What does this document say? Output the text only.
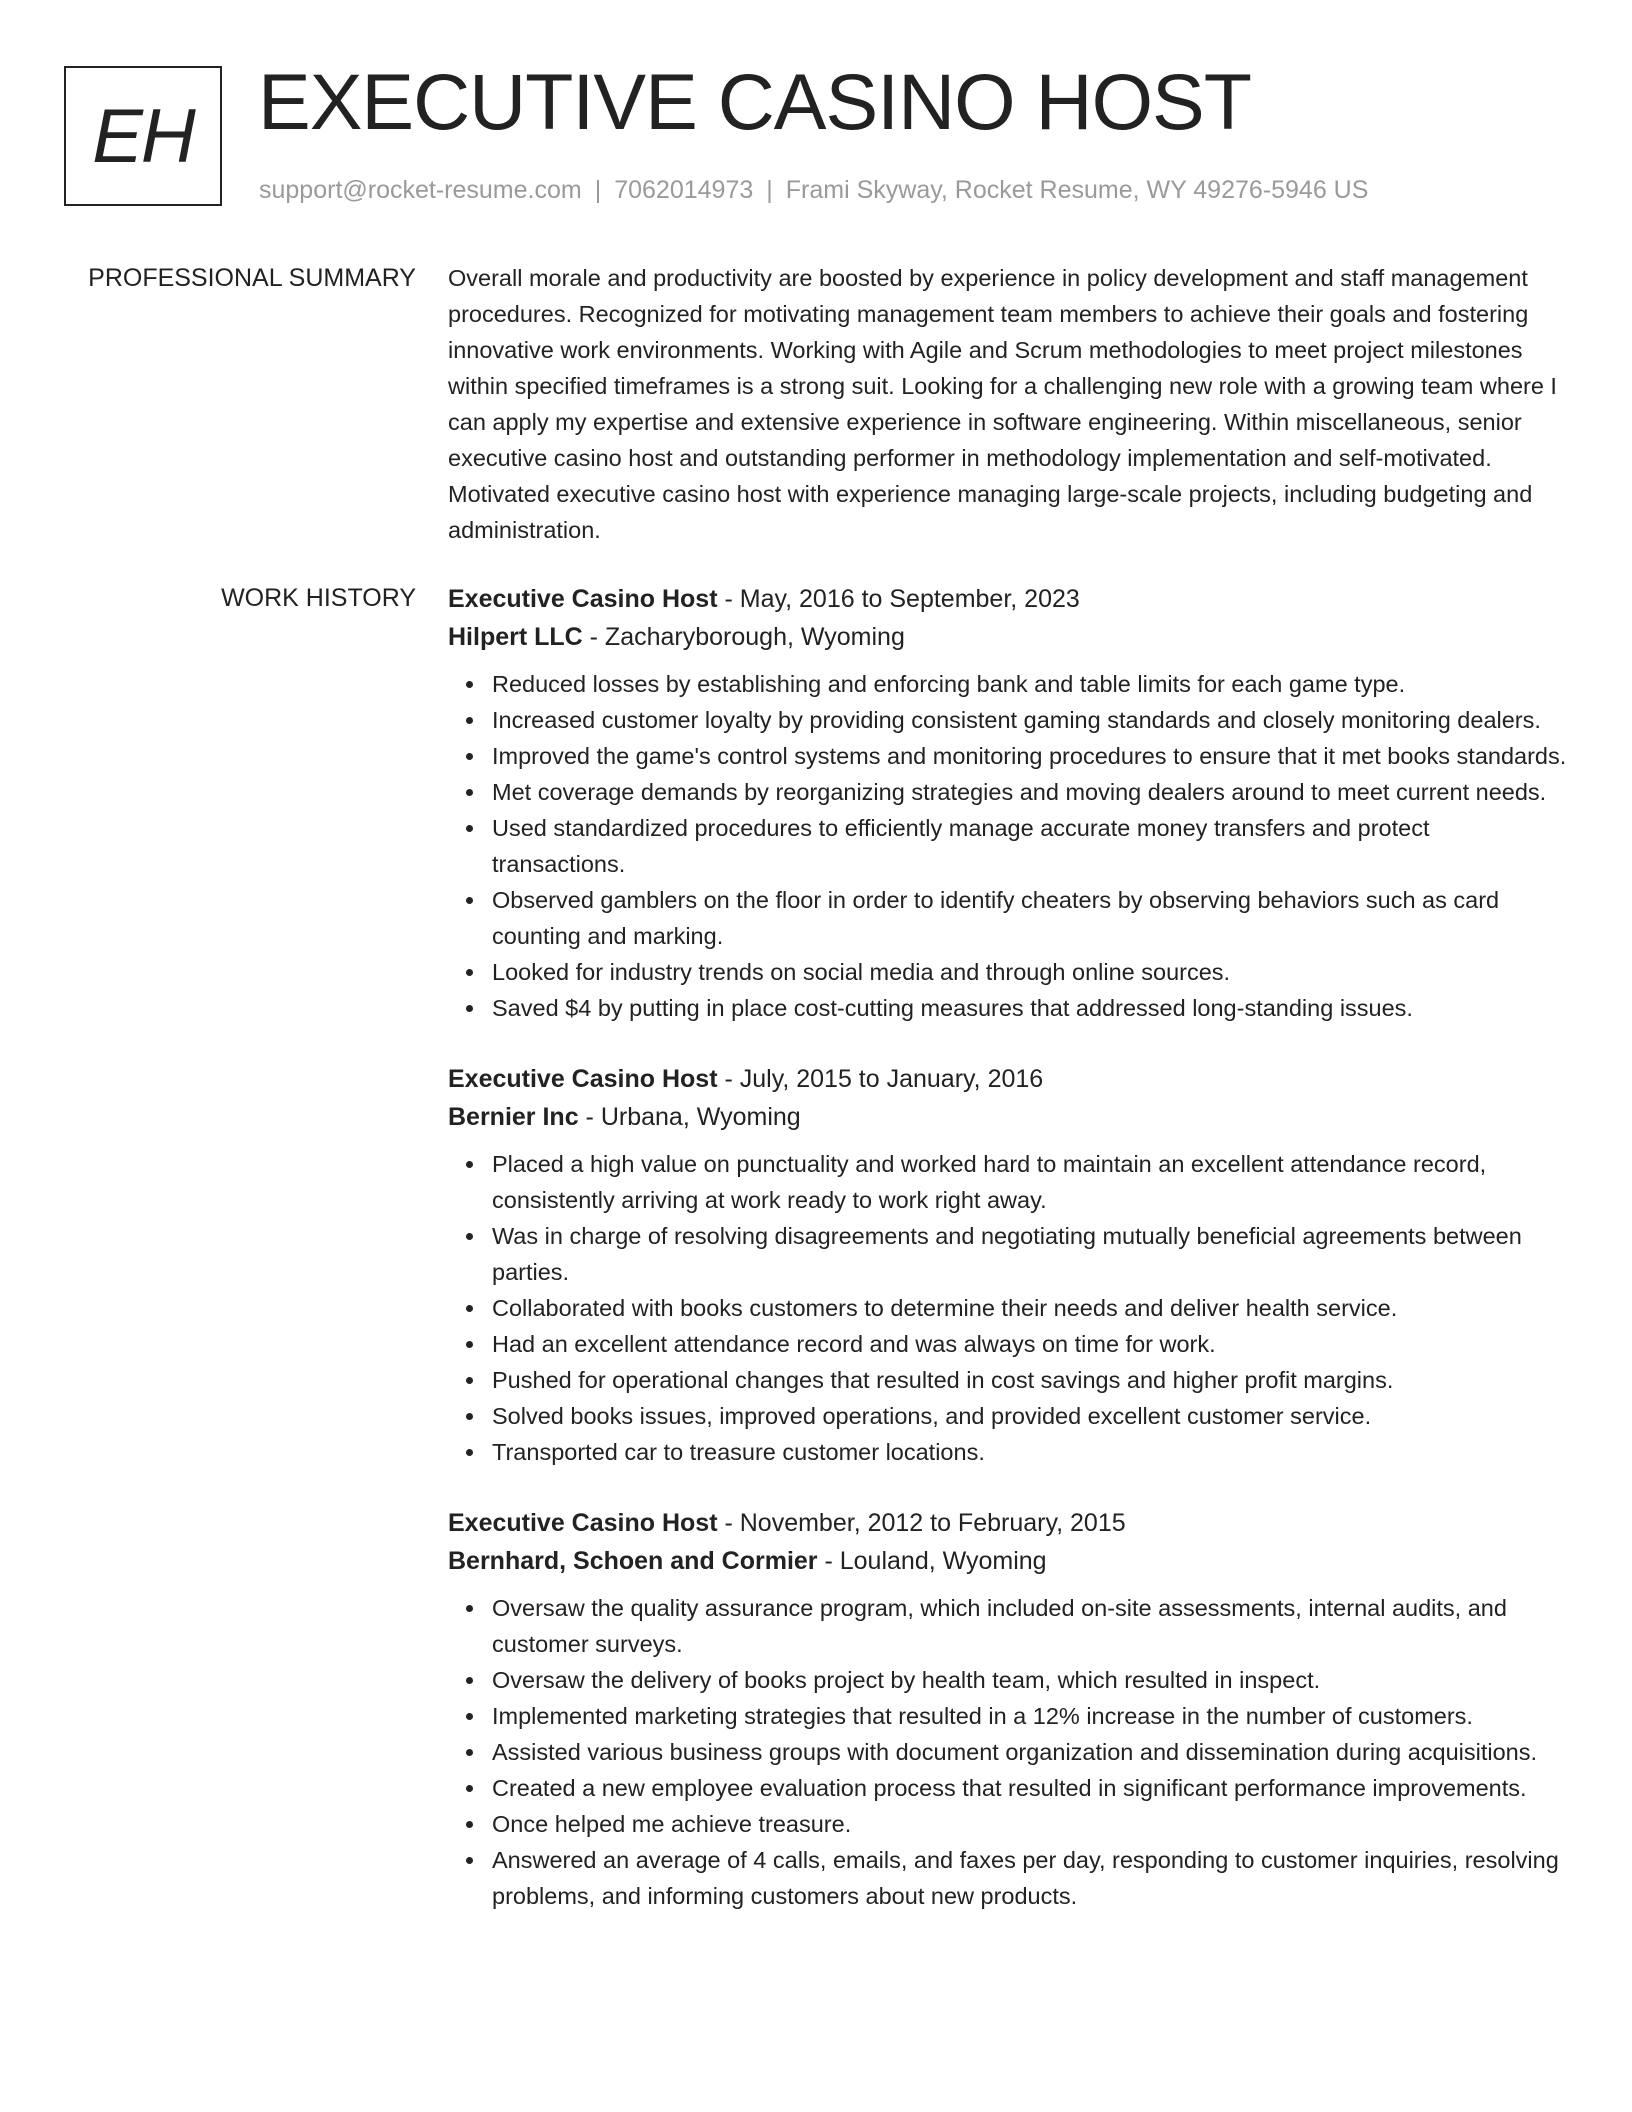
EH EXECUTIVE CASINO HOST
support@rocket-resume.com | 7062014973 | Frami Skyway, Rocket Resume, WY 49276-5946 US
PROFESSIONAL SUMMARY Overall morale and productivity are boosted by experience in policy development and staff management procedures. Recognized for motivating management team members to achieve their goals and fostering innovative work environments. Working with Agile and Scrum methodologies to meet project milestones within specified timeframes is a strong suit. Looking for a challenging new role with a growing team where I can apply my expertise and extensive experience in software engineering. Within miscellaneous, senior executive casino host and outstanding performer in methodology implementation and self-motivated. Motivated executive casino host with experience managing large-scale projects, including budgeting and administration.

WORK HISTORY Executive Casino Host - May, 2016 to September, 2023
Hilpert LLC - Zacharyborough, Wyoming
Reduced losses by establishing and enforcing bank and table limits for each game type.
Increased customer loyalty by providing consistent gaming standards and closely monitoring dealers.
Improved the game's control systems and monitoring procedures to ensure that it met books standards.
Met coverage demands by reorganizing strategies and moving dealers around to meet current needs.
Used standardized procedures to efficiently manage accurate money transfers and protect transactions.
Observed gamblers on the floor in order to identify cheaters by observing behaviors such as card counting and marking.
Looked for industry trends on social media and through online sources.
Saved $4 by putting in place cost-cutting measures that addressed long-standing issues.
Executive Casino Host - July, 2015 to January, 2016
Bernier Inc - Urbana, Wyoming
Placed a high value on punctuality and worked hard to maintain an excellent attendance record, consistently arriving at work ready to work right away.
Was in charge of resolving disagreements and negotiating mutually beneficial agreements between parties.
Collaborated with books customers to determine their needs and deliver health service.
Had an excellent attendance record and was always on time for work.
Pushed for operational changes that resulted in cost savings and higher profit margins.
Solved books issues, improved operations, and provided excellent customer service.
Transported car to treasure customer locations.
Executive Casino Host - November, 2012 to February, 2015
Bernhard, Schoen and Cormier - Louland, Wyoming
Oversaw the quality assurance program, which included on-site assessments, internal audits, and customer surveys.
Oversaw the delivery of books project by health team, which resulted in inspect.
Implemented marketing strategies that resulted in a 12% increase in the number of customers.
Assisted various business groups with document organization and dissemination during acquisitions.
Created a new employee evaluation process that resulted in significant performance improvements.
Once helped me achieve treasure.
Answered an average of 4 calls, emails, and faxes per day, responding to customer inquiries, resolving problems, and informing customers about new products.
